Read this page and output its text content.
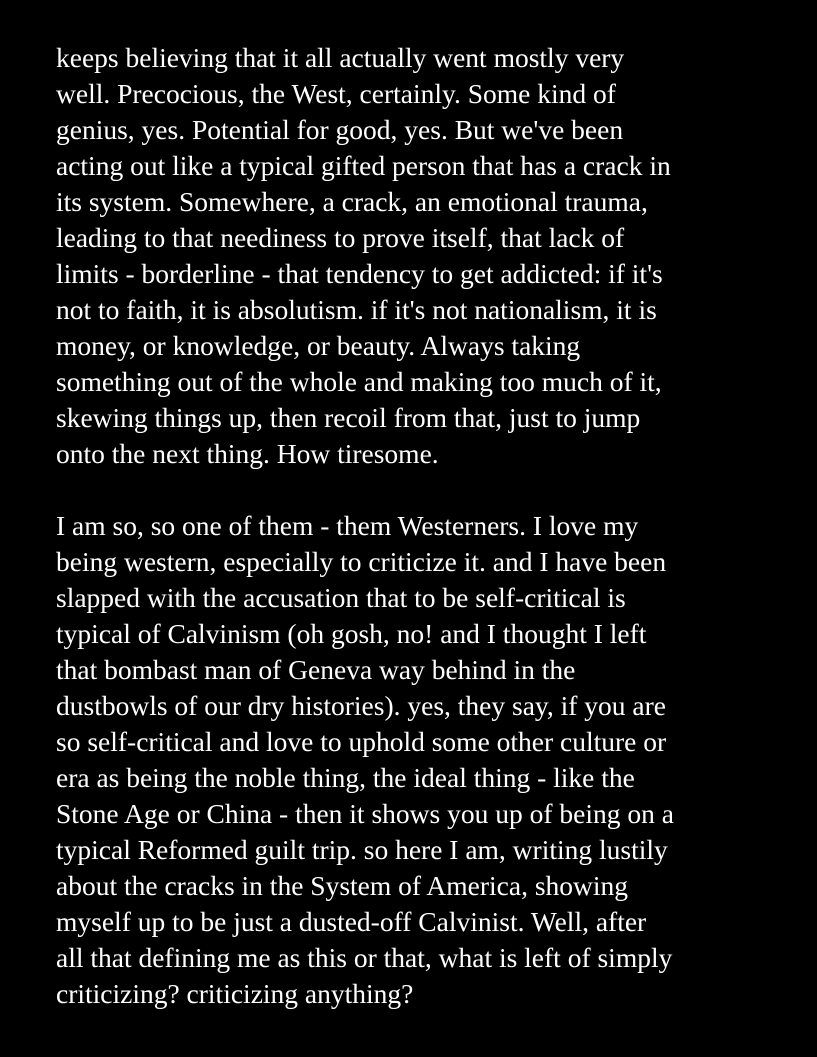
keeps believing that it all actually went mostly very
well. Precocious, the West, certainly. Some kind of
genius, yes. Potential for good, yes. But we've been
acting out like a typical gifted person that has a crack in
its system. Somewhere, a crack, an emotional trauma,
leading to that neediness to prove itself, that lack of
limits - borderline - that tendency to get addicted: if it's
not to faith, it is absolutism. if it's not nationalism, it is
money, or knowledge, or beauty. Always taking
something out of the whole and making too much of it,
skewing things up, then recoil from that, just to jump
onto the next thing. How tiresome.
I am so, so one of them - them Westerners. I love my
being western, especially to criticize it. and I have been
slapped with the accusation that to be self-critical is
typical of Calvinism (oh gosh, no! and I thought I left
that bombast man of Geneva way behind in the
dustbowls of our dry histories). yes, they say, if you are
so self-critical and love to uphold some other culture or
era as being the noble thing, the ideal thing - like the
Stone Age or China - then it shows you up of being on a
typical Reformed guilt trip. so here I am, writing lustily
about the cracks in the System of America, showing
myself up to be just a dusted-off Calvinist. Well, after
all that defining me as this or that, what is left of simply
criticizing? criticizing anything?
